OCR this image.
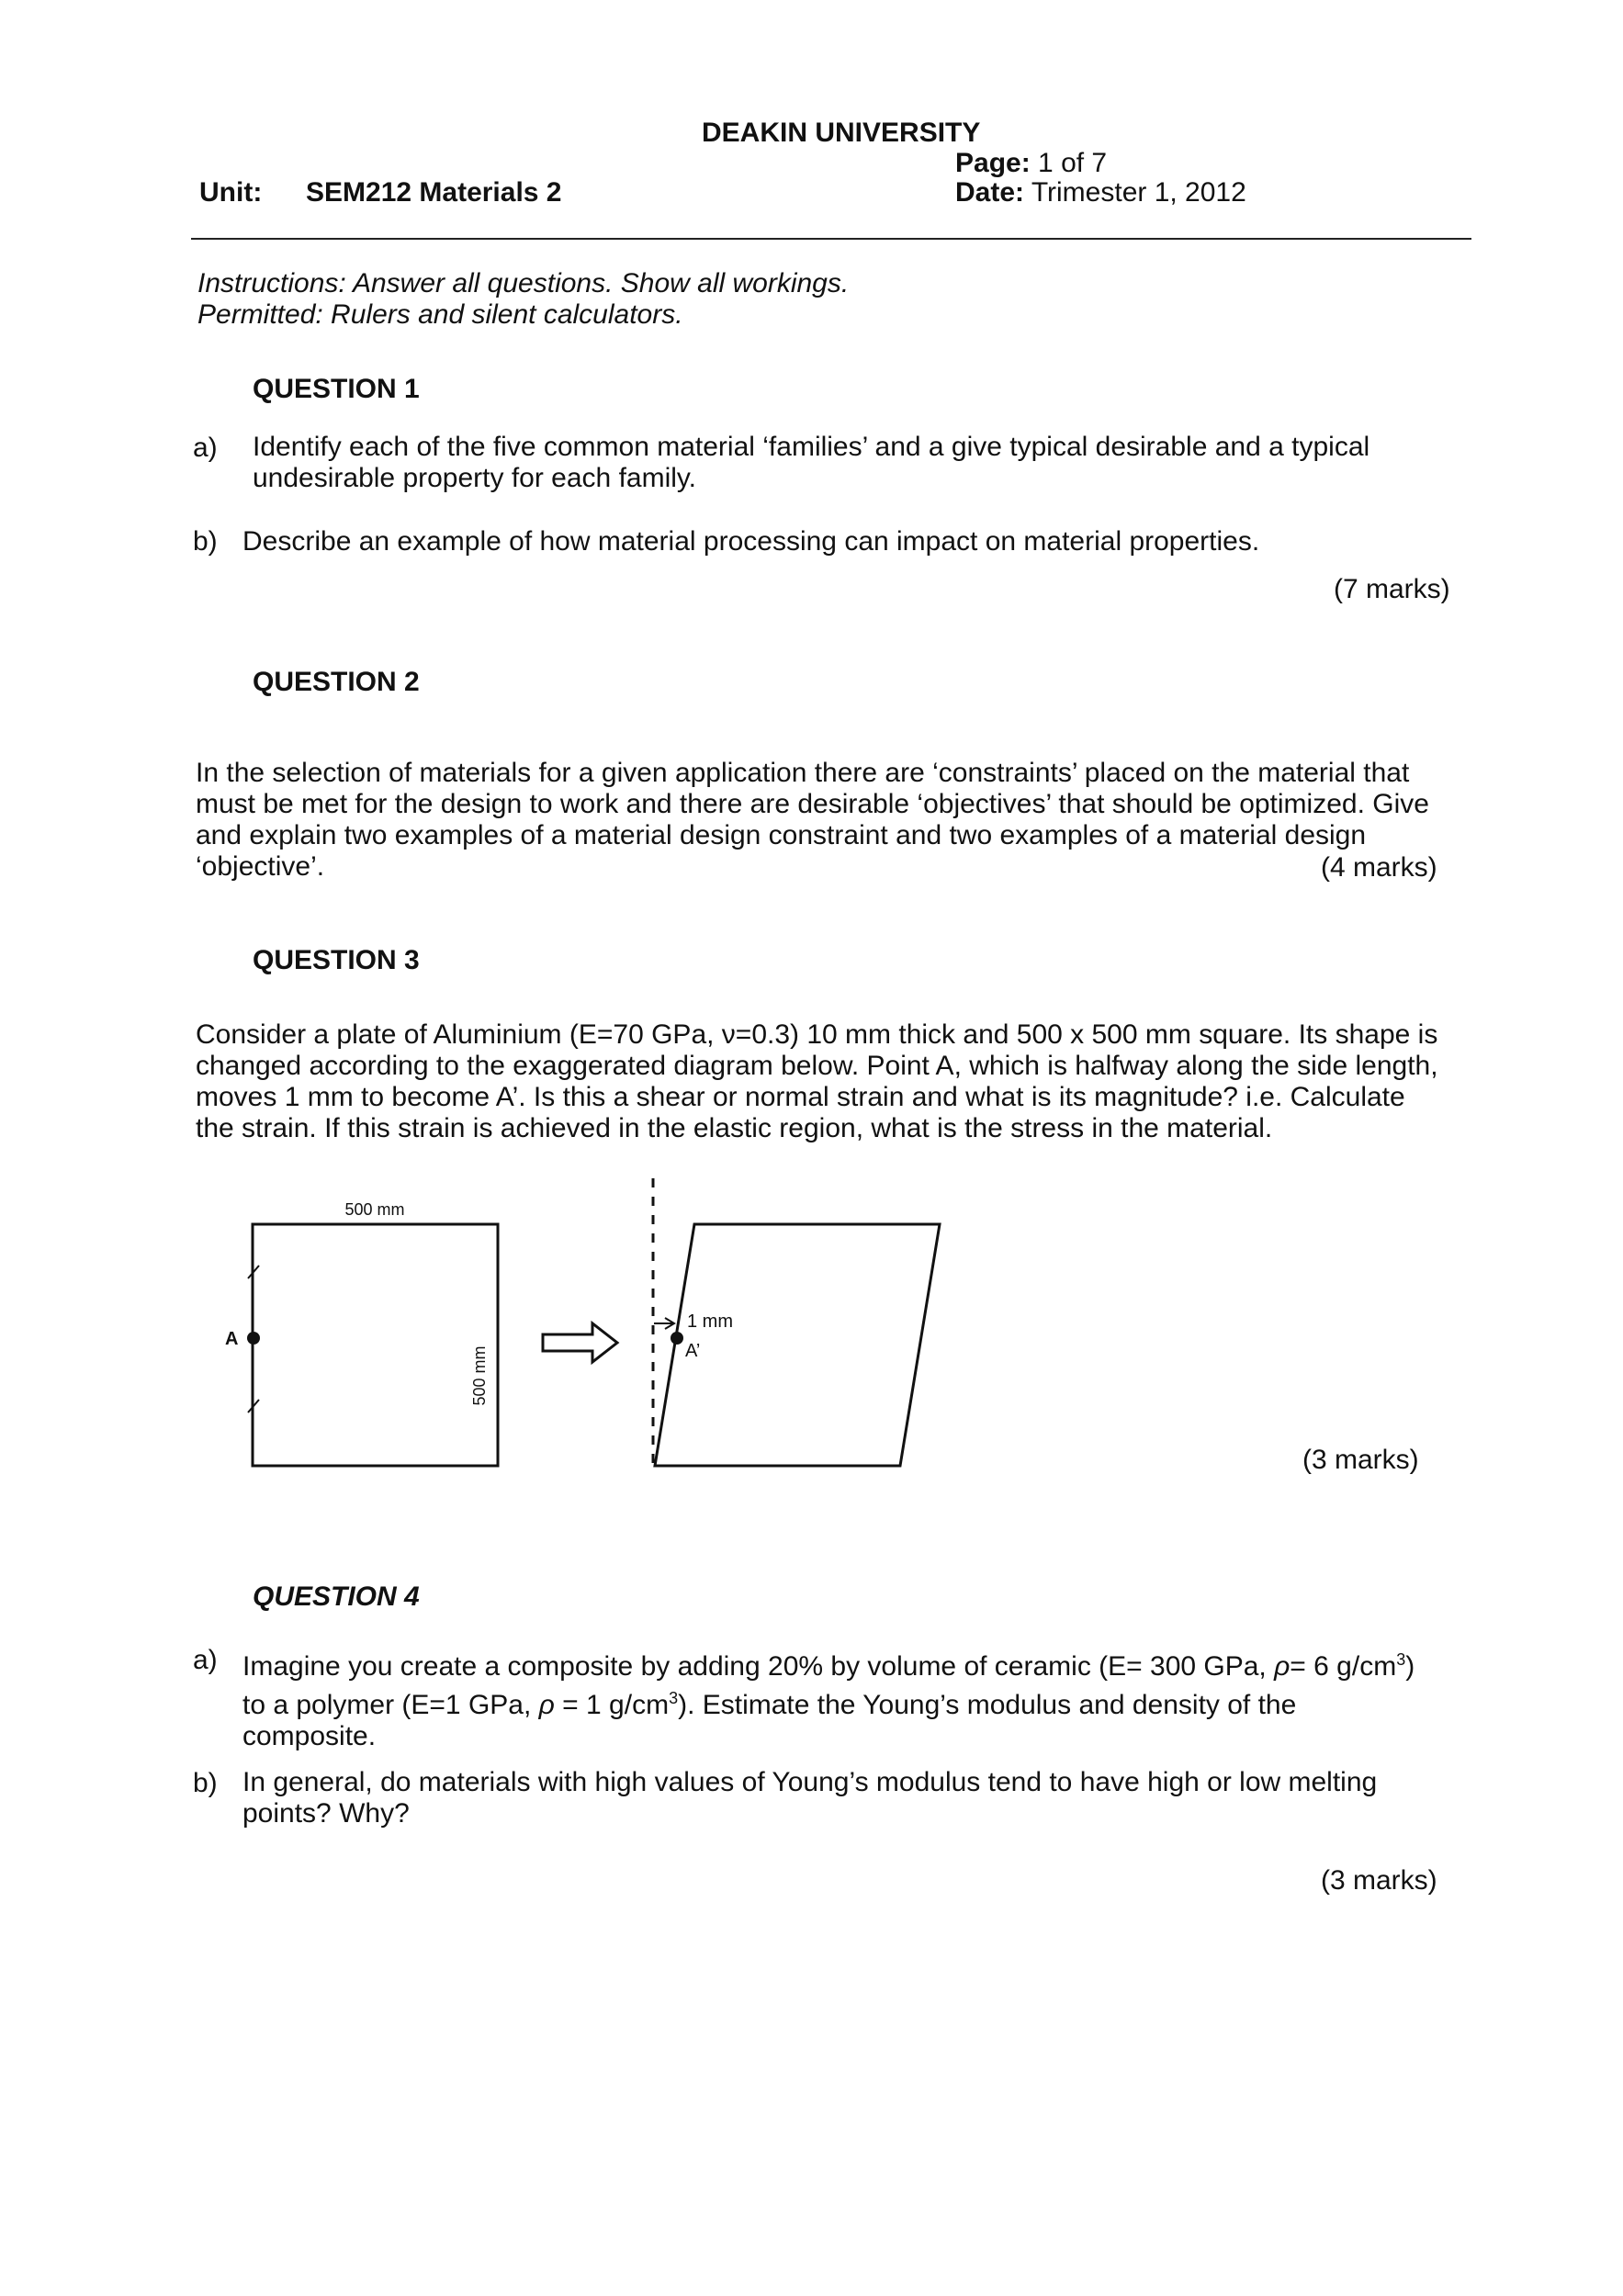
DEAKIN UNIVERSITY
Page: 1 of 7
Unit: SEM212 Materials 2	Date: Trimester 1, 2012
Instructions: Answer all questions. Show all workings.
Permitted: Rulers and silent calculators.
QUESTION 1
a) Identify each of the five common material ‘families’ and a give typical desirable and a typical
undesirable property for each family.
b) Describe an example of how material processing can impact on material properties.
(7 marks)
QUESTION 2
In the selection of materials for a given application there are ‘constraints’ placed on the material that
must be met for the design to work and there are desirable ‘objectives’ that should be optimized. Give
and explain two examples of a material design constraint and two examples of a material design
‘objective’.	(4 marks)
QUESTION 3
Consider a plate of Aluminium (E=70 GPa, ν=0.3) 10 mm thick and 500 x 500 mm square. Its shape is
changed according to the exaggerated diagram below. Point A, which is halfway along the side length,
moves 1 mm to become A’. Is this a shear or normal strain and what is its magnitude? i.e. Calculate
the strain. If this strain is achieved in the elastic region, what is the stress in the material.
500 mm
500 mm
A
1 mm
A’
(3 marks)
QUESTION 4
a) Imagine you create a composite by adding 20% by volume of ceramic (E= 300 GPa, ρ= 6 $g/cm^3$)
to a polymer (E=1 GPa, ρ = 1 $g/cm^3$). Estimate the Young’s modulus and density of the
composite.
b) In general, do materials with high values of Young’s modulus tend to have high or low melting
points? Why?
(3 marks)
